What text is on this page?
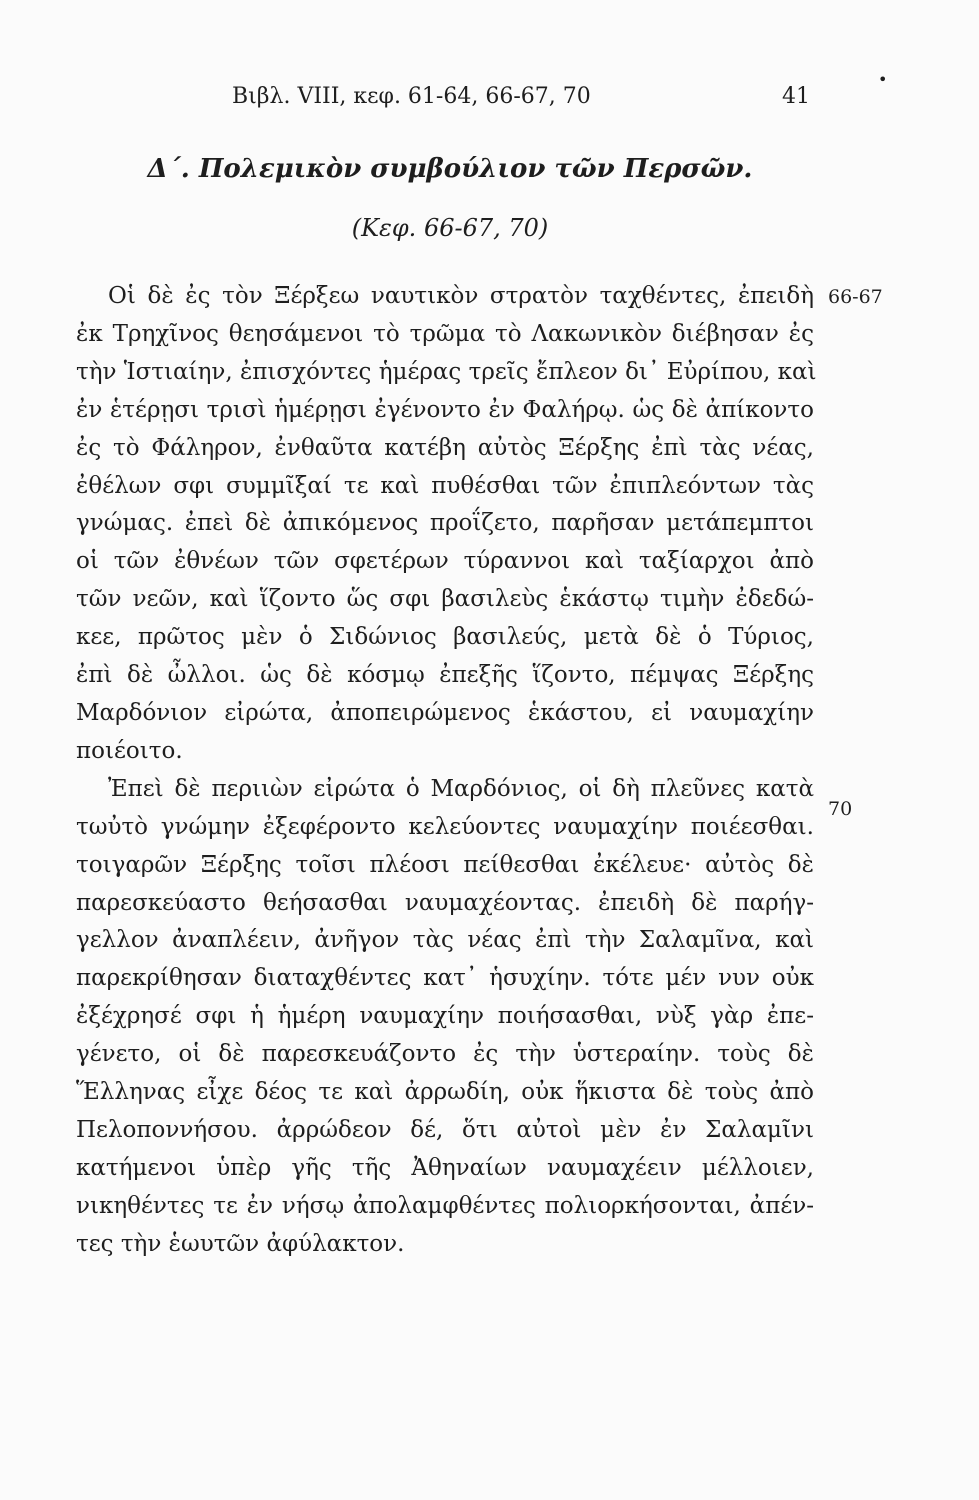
•
Βιβλ. VIII, κεφ. 61-64, 66-67, 70	41
Δ΄. Πολεμικὸν συμβούλιον τῶν Περσῶν.
(Κεφ. 66-67, 70)
66-67
70
Οἱ δὲ ἐς τὸν Ξέρξεω ναυτικὸν στρατὸν ταχθέντες, ἐπειδὴ
ἐκ Τρηχῖνος θεησάμενοι τὸ τρῶμα τὸ Λακωνικὸν διέβησαν ἐς
τὴν Ἱστιαίην, ἐπισχόντες ἡμέρας τρεῖς ἔπλεον δι᾽ Εὐρίπου, καὶ
ἐν ἑτέρῃσι τρισὶ ἡμέρῃσι ἐγένοντο ἐν Φαλήρῳ. ὡς δὲ ἀπίκοντο
ἐς τὸ Φάληρον, ἐνθαῦτα κατέβη αὐτὸς Ξέρξης ἐπὶ τὰς νέας,
ἐθέλων σφι συμμῖξαί τε καὶ πυθέσθαι τῶν ἐπιπλεόντων τὰς
γνώμας. ἐπεὶ δὲ ἀπικόμενος προΐζετο, παρῆσαν μετάπεμπτοι
οἱ τῶν ἐθνέων τῶν σφετέρων τύραννοι καὶ ταξίαρχοι ἀπὸ
τῶν νεῶν, καὶ ἵζοντο ὥς σφι βασιλεὺς ἑκάστῳ τιμὴν ἐδεδώ-
κεε, πρῶτος μὲν ὁ Σιδώνιος βασιλεύς, μετὰ δὲ ὁ Τύριος,
ἐπὶ δὲ ὦλλοι. ὡς δὲ κόσμῳ ἐπεξῆς ἵζοντο, πέμψας Ξέρξης
Μαρδόνιον εἰρώτα, ἀποπειρώμενος ἑκάστου, εἰ ναυμαχίην
ποιέοιτο.
Ἐπεὶ δὲ περιιὼν εἰρώτα ὁ Μαρδόνιος, οἱ δὴ πλεῦνες κατὰ
τωὐτὸ γνώμην ἐξεφέροντο κελεύοντες ναυμαχίην ποιέεσθαι.
τοιγαρῶν Ξέρξης τοῖσι πλέοσι πείθεσθαι ἐκέλευε· αὐτὸς δὲ
παρεσκεύαστο θεήσασθαι ναυμαχέοντας. ἐπειδὴ δὲ παρήγ-
γελλον ἀναπλέειν, ἀνῆγον τὰς νέας ἐπὶ τὴν Σαλαμῖνα, καὶ
παρεκρίθησαν διαταχθέντες κατ᾽ ἡσυχίην. τότε μέν νυν οὐκ
ἐξέχρησέ σφι ἡ ἡμέρη ναυμαχίην ποιήσασθαι, νὺξ γὰρ ἐπε-
γένετο, οἱ δὲ παρεσκευάζοντο ἐς τὴν ὑστεραίην. τοὺς δὲ
Ἕλληνας εἶχε δέος τε καὶ ἀρρωδίη, οὐκ ἥκιστα δὲ τοὺς ἀπὸ
Πελοποννήσου. ἀρρώδεον δέ, ὅτι αὐτοὶ μὲν ἐν Σαλαμῖνι
κατήμενοι ὑπὲρ γῆς τῆς Ἀθηναίων ναυμαχέειν μέλλοιεν,
νικηθέντες τε ἐν νήσῳ ἀπολαμφθέντες πολιορκήσονται, ἀπέν-
τες τὴν ἑωυτῶν ἀφύλακτον.
